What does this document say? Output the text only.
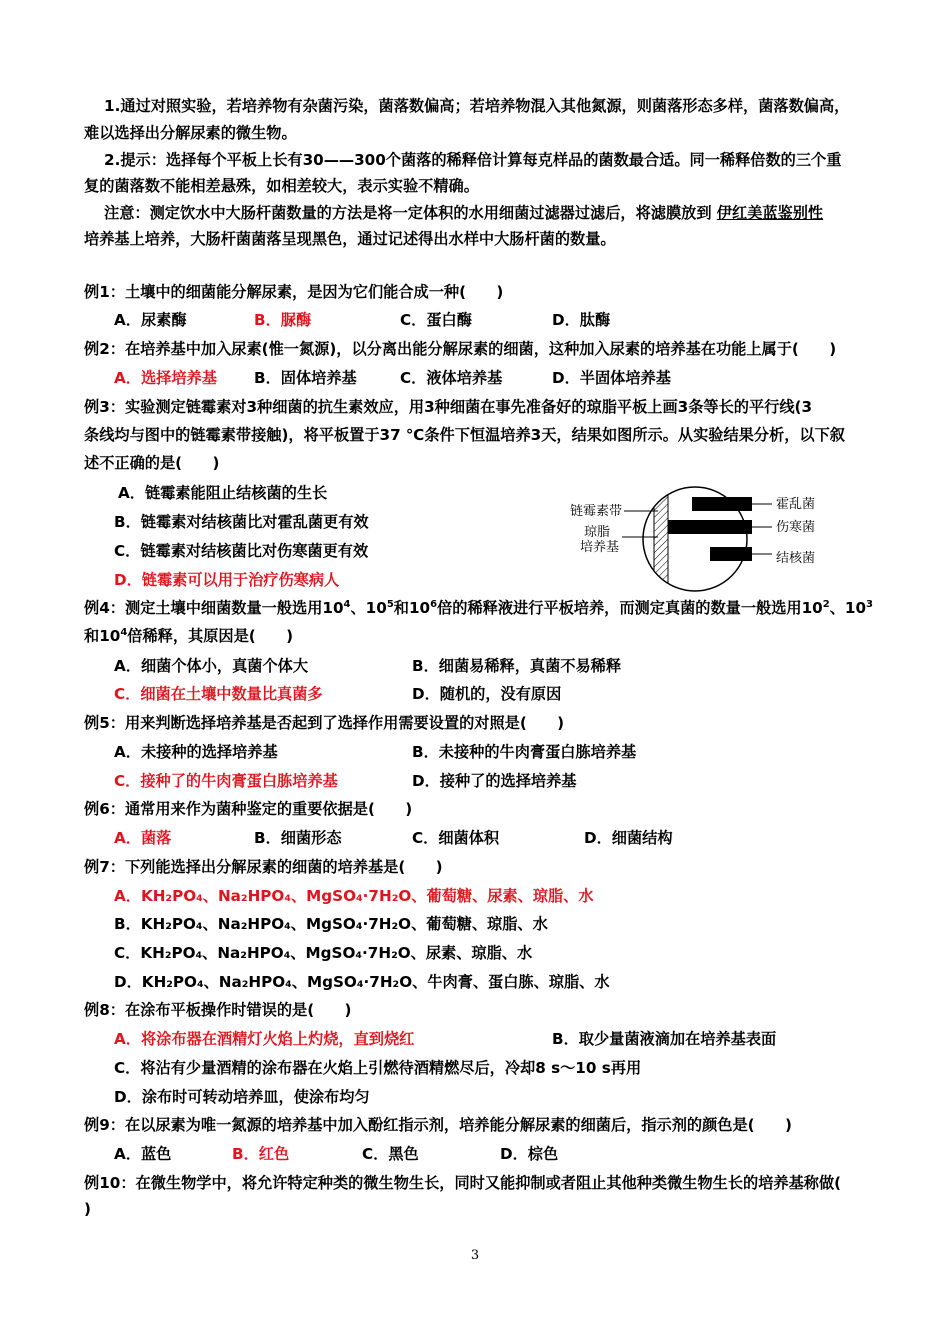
1.通过对照实验，若培养物有杂菌污染，菌落数偏高；若培养物混入其他氮源，则菌落形态多样，菌落数偏高，
难以选择出分解尿素的微生物。
2.提示：选择每个平板上长有30——300个菌落的稀释倍计算每克样品的菌数最合适。同一稀释倍数的三个重
复的菌落数不能相差悬殊，如相差较大，表示实验不精确。
注意：测定饮水中大肠杆菌数量的方法是将一定体积的水用细菌过滤器过滤后，将滤膜放到 伊红美蓝鉴别性
培养基上培养，大肠杆菌菌落呈现黑色，通过记述得出水样中大肠杆菌的数量。
例1：土壤中的细菌能分解尿素，是因为它们能合成一种(　　)
A．尿素酶	B．脲酶	C．蛋白酶	D．肽酶
例2：在培养基中加入尿素(惟一氮源)，以分离出能分解尿素的细菌，这种加入尿素的培养基在功能上属于(　　)
A．选择培养基 B．固体培养基	C．液体培养基	D．半固体培养基
例3：实验测定链霉素对3种细菌的抗生素效应，用3种细菌在事先准备好的琼脂平板上画3条等长的平行线(3
条线均与图中的链霉素带接触)，将平板置于37 ℃条件下恒温培养3天，结果如图所示。从实验结果分析，以下叙
述不正确的是(　　)
A．链霉素能阻止结核菌的生长
B．链霉素对结核菌比对霍乱菌更有效
C．链霉素对结核菌比对伤寒菌更有效
D．链霉素可以用于治疗伤寒病人
链霉素带
琼脂
培养基
霍乱菌
伤寒菌
结核菌
例4：测定土壤中细菌数量一般选用$10^4$、$10^5$和$10^6$倍的稀释液进行平板培养，而测定真菌的数量一般选用$10^2$、$10^3$
和$10^4$倍稀释，其原因是(　　)
A．细菌个体小，真菌个体大	B．细菌易稀释，真菌不易稀释
C．细菌在土壤中数量比真菌多	D．随机的，没有原因
例5：用来判断选择培养基是否起到了选择作用需要设置的对照是(　　)
A．未接种的选择培养基	B．未接种的牛肉膏蛋白胨培养基
C．接种了的牛肉膏蛋白胨培养基	D．接种了的选择培养基
例6：通常用来作为菌种鉴定的重要依据是(　　)
A．菌落	B．细菌形态	C．细菌体积	D．细菌结构
例7：下列能选择出分解尿素的细菌的培养基是(　　)
A．KH₂PO₄、Na₂HPO₄、MgSO₄·7H₂O、葡萄糖、尿素、琼脂、水
B．KH₂PO₄、Na₂HPO₄、MgSO₄·7H₂O、葡萄糖、琼脂、水
C．KH₂PO₄、Na₂HPO₄、MgSO₄·7H₂O、尿素、琼脂、水
D．KH₂PO₄、Na₂HPO₄、MgSO₄·7H₂O、牛肉膏、蛋白胨、琼脂、水
例8：在涂布平板操作时错误的是(　　)
A．将涂布器在酒精灯火焰上灼烧，直到烧红	B．取少量菌液滴加在培养基表面
C．将沾有少量酒精的涂布器在火焰上引燃待酒精燃尽后，冷却8 s～10 s再用
D．涂布时可转动培养皿，使涂布均匀
例9：在以尿素为唯一氮源的培养基中加入酚红指示剂，培养能分解尿素的细菌后，指示剂的颜色是(　　)
A．蓝色	B．红色	C．黑色	D．棕色
例10：在微生物学中，将允许特定种类的微生物生长，同时又能抑制或者阻止其他种类微生物生长的培养基称做(
)
3
